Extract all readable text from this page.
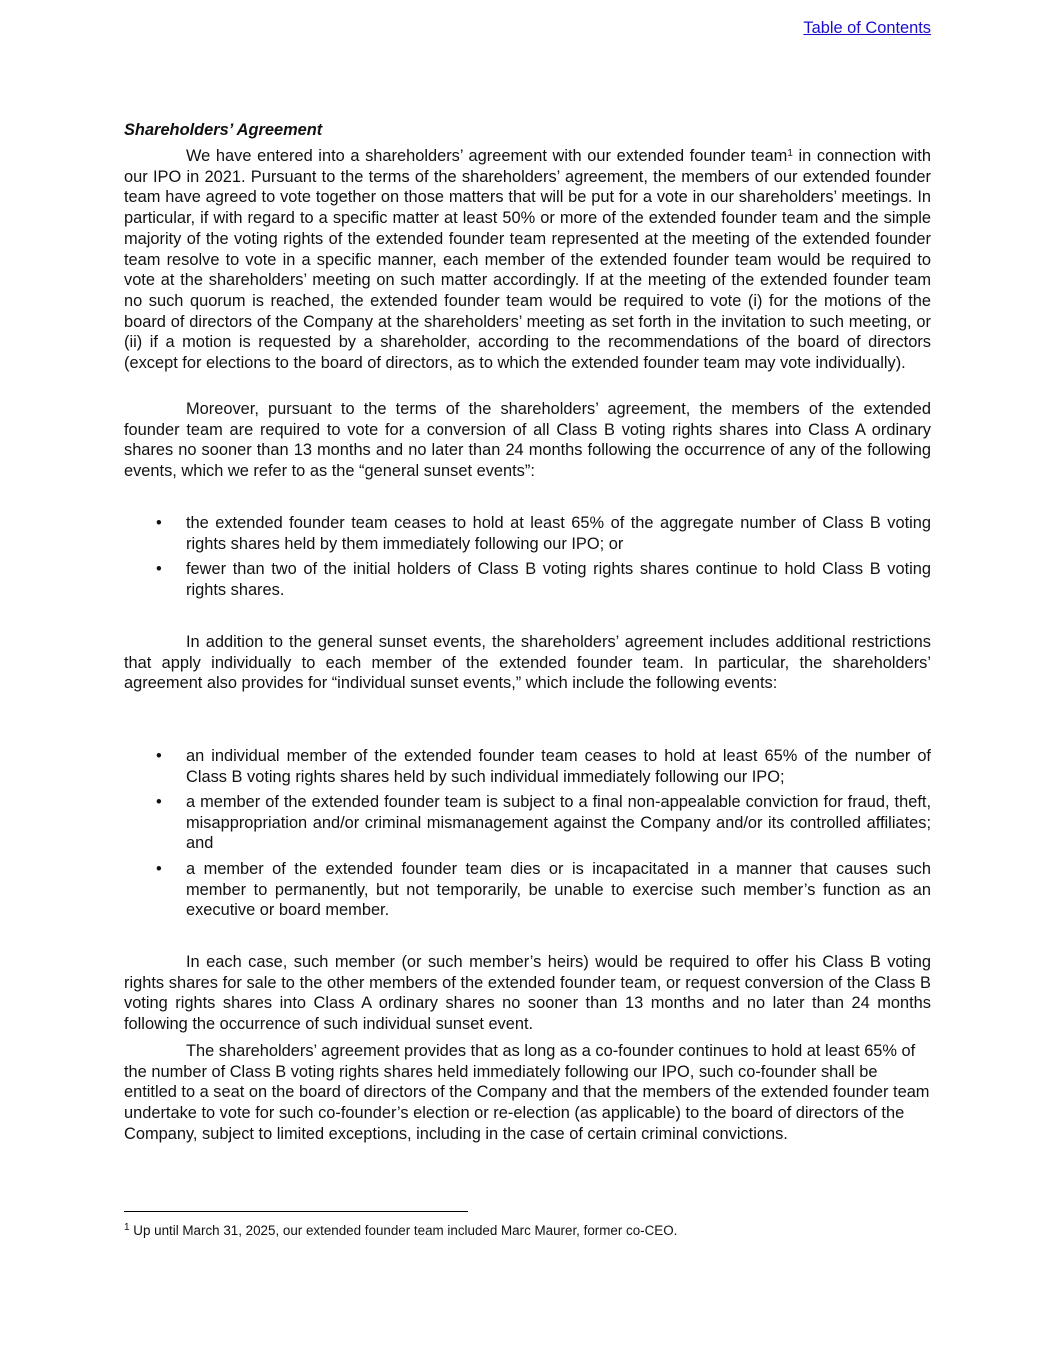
Table of Contents

Shareholders’ Agreement

We have entered into a shareholders’ agreement with our extended founder team$^1$ in connection with our IPO in 2021. Pursuant to the terms of the shareholders’ agreement, the members of our extended founder team have agreed to vote together on those matters that will be put for a vote in our shareholders’ meetings. In particular, if with regard to a specific matter at least 50% or more of the extended founder team and the simple majority of the voting rights of the extended founder team represented at the meeting of the extended founder team resolve to vote in a specific manner, each member of the extended founder team would be required to vote at the shareholders’ meeting on such matter accordingly. If at the meeting of the extended founder team no such quorum is reached, the extended founder team would be required to vote (i) for the motions of the board of directors of the Company at the shareholders’ meeting as set forth in the invitation to such meeting, or (ii) if a motion is requested by a shareholder, according to the recommendations of the board of directors (except for elections to the board of directors, as to which the extended founder team may vote individually).

Moreover, pursuant to the terms of the shareholders’ agreement, the members of the extended founder team are required to vote for a conversion of all Class B voting rights shares into Class A ordinary shares no sooner than 13 months and no later than 24 months following the occurrence of any of the following events, which we refer to as the “general sunset events”:

• the extended founder team ceases to hold at least 65% of the aggregate number of Class B voting rights shares held by them immediately following our IPO; or
• fewer than two of the initial holders of Class B voting rights shares continue to hold Class B voting rights shares.

In addition to the general sunset events, the shareholders’ agreement includes additional restrictions that apply individually to each member of the extended founder team. In particular, the shareholders’ agreement also provides for “individual sunset events,” which include the following events:

• an individual member of the extended founder team ceases to hold at least 65% of the number of Class B voting rights shares held by such individual immediately following our IPO;
• a member of the extended founder team is subject to a final non-appealable conviction for fraud, theft, misappropriation and/or criminal mismanagement against the Company and/or its controlled affiliates; and
• a member of the extended founder team dies or is incapacitated in a manner that causes such member to permanently, but not temporarily, be unable to exercise such member’s function as an executive or board member.

In each case, such member (or such member’s heirs) would be required to offer his Class B voting rights shares for sale to the other members of the extended founder team, or request conversion of the Class B voting rights shares into Class A ordinary shares no sooner than 13 months and no later than 24 months following the occurrence of such individual sunset event.

The shareholders’ agreement provides that as long as a co-founder continues to hold at least 65% of the number of Class B voting rights shares held immediately following our IPO, such co-founder shall be entitled to a seat on the board of directors of the Company and that the members of the extended founder team undertake to vote for such co-founder’s election or re-election (as applicable) to the board of directors of the Company, subject to limited exceptions, including in the case of certain criminal convictions.

$^1$ Up until March 31, 2025, our extended founder team included Marc Maurer, former co-CEO.
